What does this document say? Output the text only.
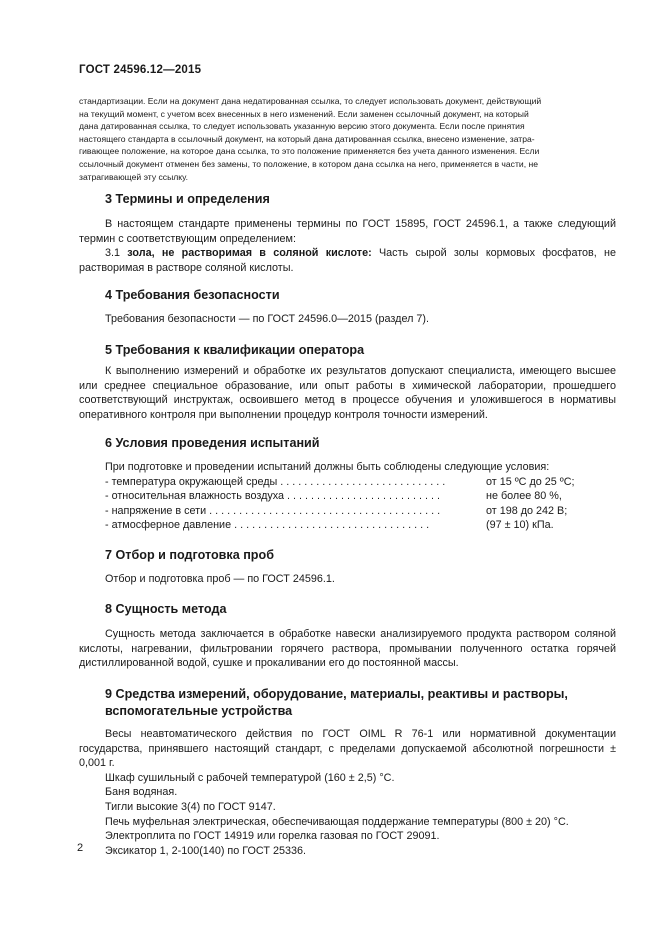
ГОСТ 24596.12—2015

стандартизации. Если на документ дана недатированная ссылка, то следует использовать документ, действующий

на текущий момент, с учетом всех внесенных в него изменений. Если заменен ссылочный документ, на который

дана датированная ссылка, то следует использовать указанную версию этого документа. Если после принятия

настоящего стандарта в ссылочный документ, на который дана датированная ссылка, внесено изменение, затра-

гивающее положение, на которое дана ссылка, то это положение применяется без учета данного изменения. Если

ссылочный документ отменен без замены, то положение, в котором дана ссылка на него, применяется в части, не

затрагивающей эту ссылку.

3 Термины и определения

В настоящем стандарте применены термины по ГОСТ 15895, ГОСТ 24596.1, а также следующий термин с соответствующим определением:

3.1 зола, не растворимая в соляной кислоте: Часть сырой золы кормовых фосфатов, не растворимая в растворе соляной кислоты.

4 Требования безопасности

Требования безопасности — по ГОСТ 24596.0—2015 (раздел 7).

5 Требования к квалификации оператора

К выполнению измерений и обработке их результатов допускают специалиста, имеющего высшее или среднее специальное образование, или опыт работы в химической лаборатории, прошедшего соответствующий инструктаж, освоившего метод в процессе обучения и уложившегося в нормативы оперативного контроля при выполнении процедур контроля точности измерений.

6 Условия проведения испытаний

При подготовке и проведении испытаний должны быть соблюдены следующие условия:

- температура окружающей среды . . . . . . . . . . . . . . . . . . . . . . . . . . . .	от 15 ºС до 25 ºС;
- относительная влажность воздуха . . . . . . . . . . . . . . . . . . . . . . . . . .	не более 80 %,
- напряжение в сети . . . . . . . . . . . . . . . . . . . . . . . . . . . . . . . . . . . . . . .	от 198 до 242 В;
- атмосферное давление . . . . . . . . . . . . . . . . . . . . . . . . . . . . . . . . .	(97 ± 10) кПа.
7 Отбор и подготовка проб

Отбор и подготовка проб — по ГОСТ 24596.1.

8 Сущность метода

Сущность метода заключается в обработке навески анализируемого продукта раствором соляной кислоты, нагревании, фильтровании горячего раствора, промывании полученного остатка горячей дистиллированной водой, сушке и прокаливании его до постоянной массы.

9 Средства измерений, оборудование, материалы, реактивы и растворы, вспомогательные устройства

Весы неавтоматического действия по ГОСТ OIML R 76-1 или нормативной документации государства, принявшего настоящий стандарт, с пределами допускаемой абсолютной погрешности ± 0,001 г.

Шкаф сушильный с рабочей температурой (160 ± 2,5) °С.

Баня водяная.

Тигли высокие 3(4) по ГОСТ 9147.

Печь муфельная электрическая, обеспечивающая поддержание температуры (800 ± 20) °С.

Электроплита по ГОСТ 14919 или горелка газовая по ГОСТ 29091.

Эксикатор 1, 2-100(140) по ГОСТ 25336.

2
